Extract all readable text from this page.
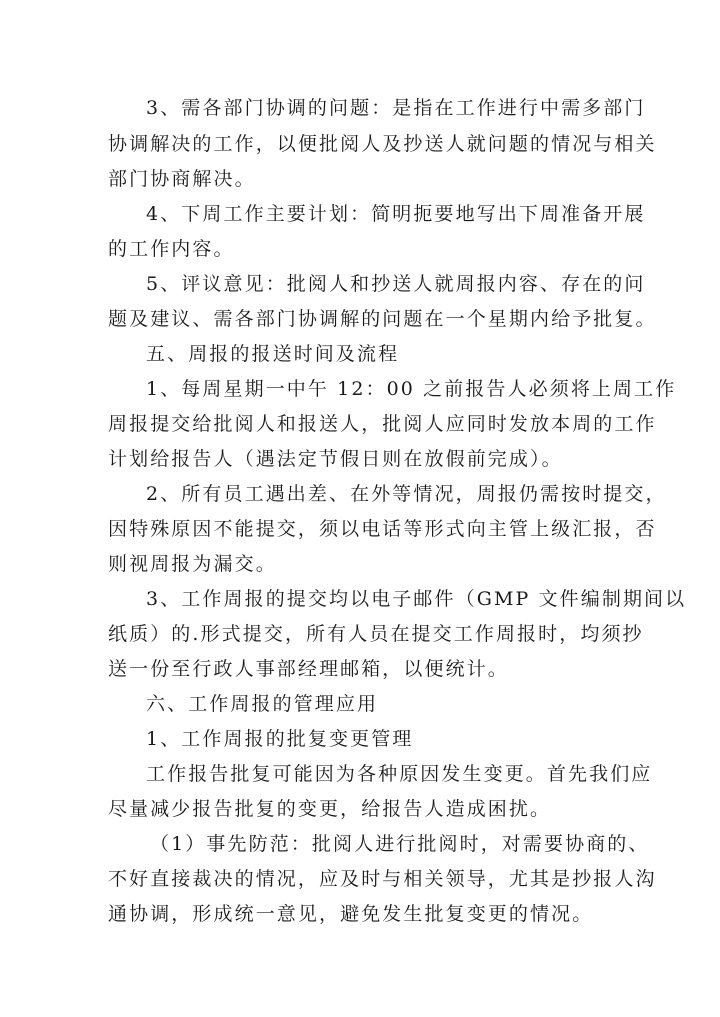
3、需各部门协调的问题：是指在工作进行中需多部门
协调解决的工作，以便批阅人及抄送人就问题的情况与相关
部门协商解决。
4、下周工作主要计划：简明扼要地写出下周准备开展
的工作内容。
5、评议意见：批阅人和抄送人就周报内容、存在的问
题及建议、需各部门协调解的问题在一个星期内给予批复。
五、周报的报送时间及流程
1、每周星期一中午 12：00 之前报告人必须将上周工作
周报提交给批阅人和报送人，批阅人应同时发放本周的工作
计划给报告人（遇法定节假日则在放假前完成）。
2、所有员工遇出差、在外等情况，周报仍需按时提交，
因特殊原因不能提交，须以电话等形式向主管上级汇报，否
则视周报为漏交。
3、工作周报的提交均以电子邮件（GMP 文件编制期间以
纸质）的.形式提交，所有人员在提交工作周报时，均须抄
送一份至行政人事部经理邮箱，以便统计。
六、工作周报的管理应用
1、工作周报的批复变更管理
工作报告批复可能因为各种原因发生变更。首先我们应
尽量减少报告批复的变更，给报告人造成困扰。
（1）事先防范：批阅人进行批阅时，对需要协商的、
不好直接裁决的情况，应及时与相关领导，尤其是抄报人沟
通协调，形成统一意见，避免发生批复变更的情况。
